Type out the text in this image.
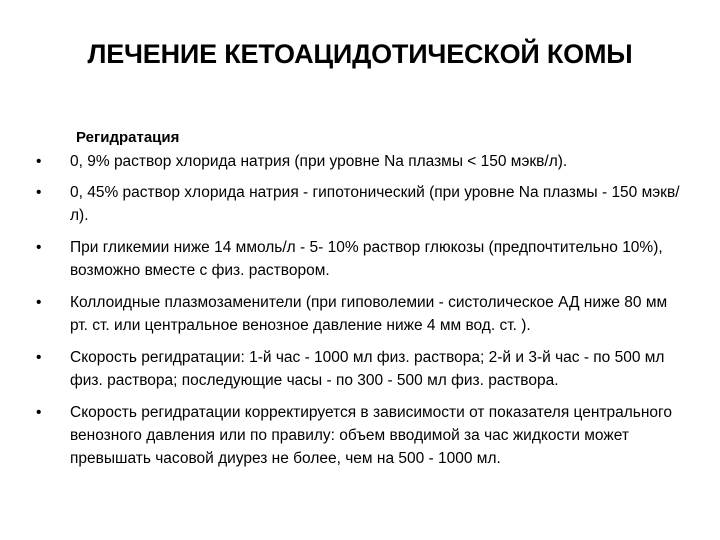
ЛЕЧЕНИЕ КЕТОАЦИДОТИЧЕСКОЙ КОМЫ
Регидратация
• 0, 9% раствор хлорида натрия (при уровне Na плазмы < 150 мэкв/л).
• 0, 45% раствор хлорида натрия - гипотонический (при уровне Na плазмы - 150 мэкв/л).
• При гликемии ниже 14 ммоль/л - 5- 10% раствор глюкозы (предпочтительно 10%), возможно вместе с физ. раствором.
• Коллоидные плазмозаменители (при гиповолемии - систолическое АД ниже 80 мм рт. ст. или центральное венозное давление ниже 4 мм вод. ст. ).
• Скорость регидратации: 1-й час - 1000 мл физ. раствора; 2-й и 3-й час - по 500 мл физ. раствора; последующие часы - по 300 - 500 мл физ. раствора.
• Скорость регидратации корректируется в зависимости от показателя центрального венозного давления или по правилу: объем вводимой за час жидкости может превышать часовой диурез не более, чем на 500 - 1000 мл.
